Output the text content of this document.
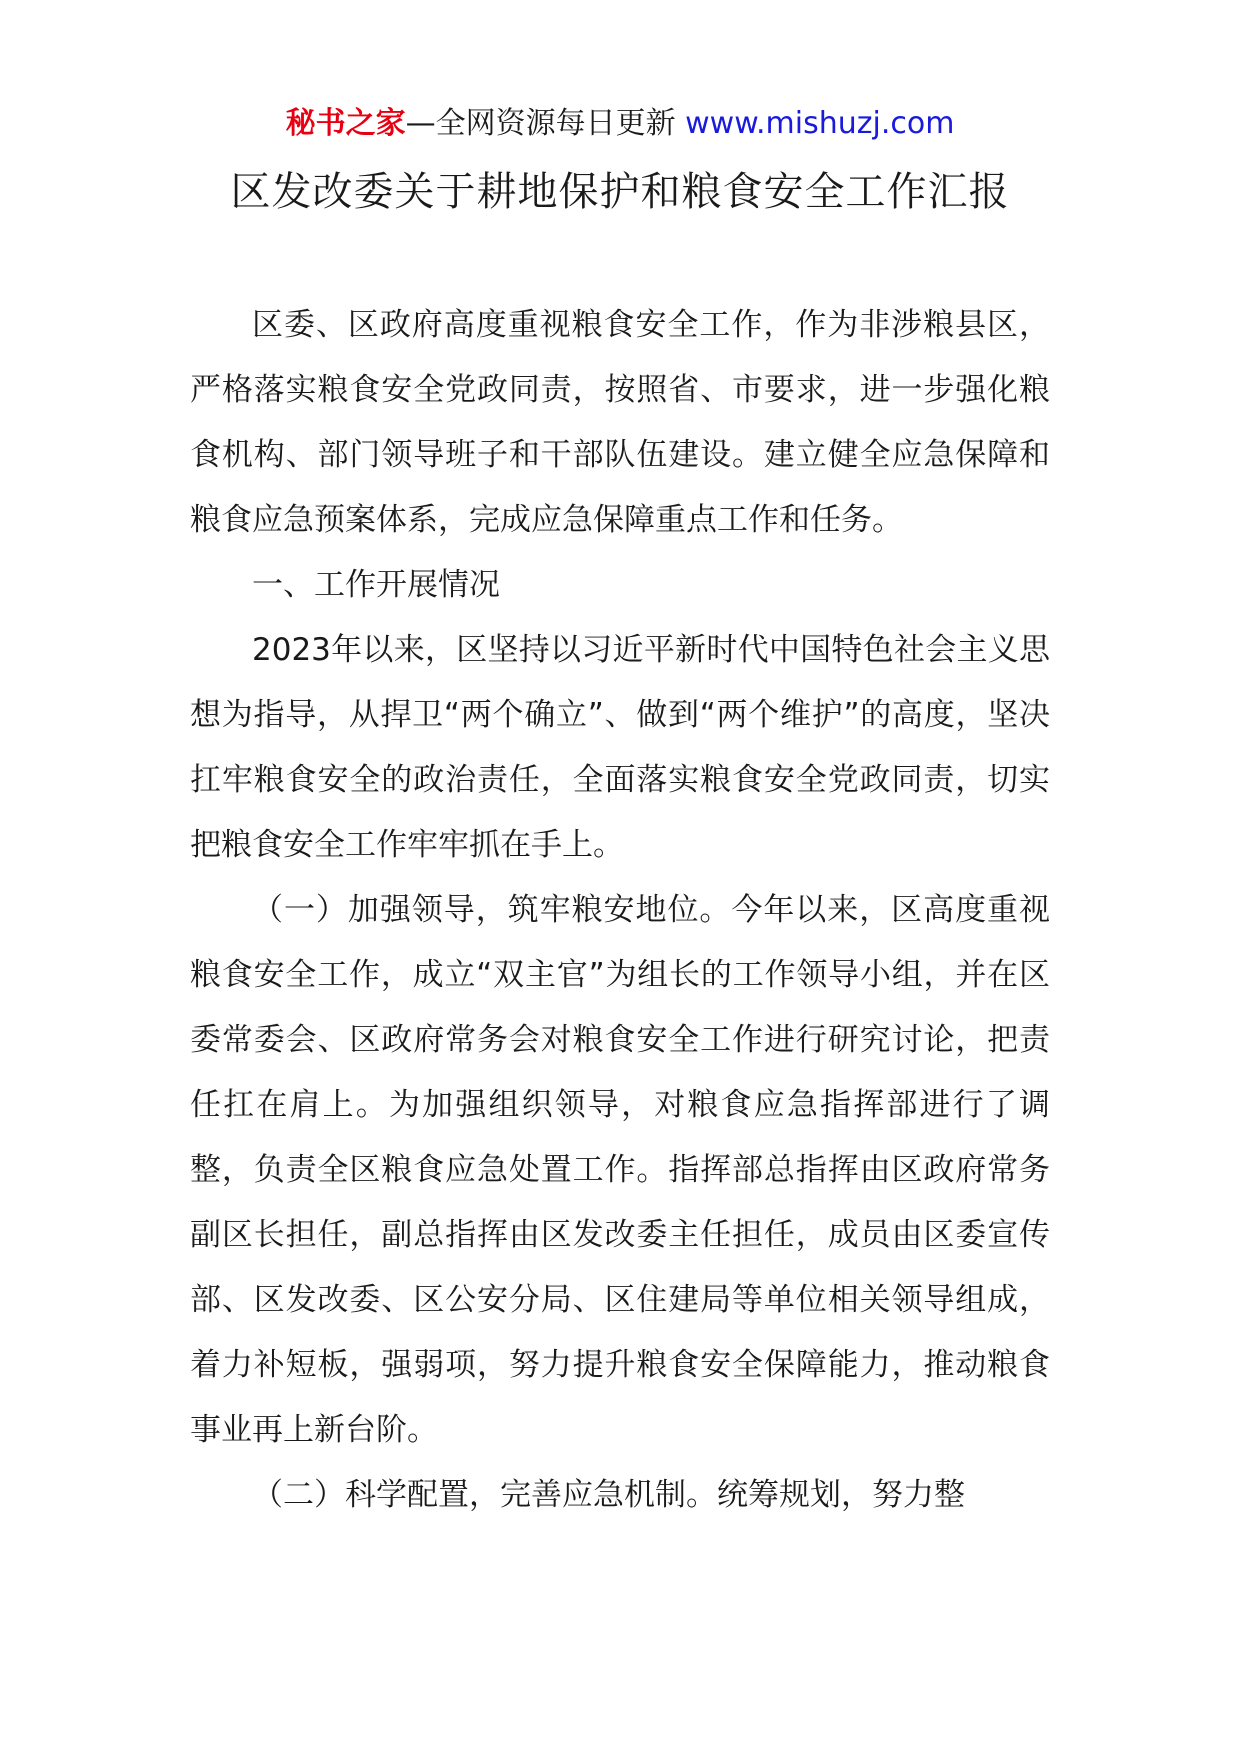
秘书之家—全网资源每日更新 www.mishuzj.com
区发改委关于耕地保护和粮食安全工作汇报

区委、区政府高度重视粮食安全工作，作为非涉粮县区，严格落实粮食安全党政同责，按照省、市要求，进一步强化粮食机构、部门领导班子和干部队伍建设。建立健全应急保障和粮食应急预案体系，完成应急保障重点工作和任务。

一、工作开展情况

2023年以来，区坚持以习近平新时代中国特色社会主义思想为指导，从捍卫“两个确立”、做到“两个维护”的高度，坚决扛牢粮食安全的政治责任，全面落实粮食安全党政同责，切实把粮食安全工作牢牢抓在手上。

（一）加强领导，筑牢粮安地位。今年以来，区高度重视粮食安全工作，成立“双主官”为组长的工作领导小组，并在区委常委会、区政府常务会对粮食安全工作进行研究讨论，把责任扛在肩上。为加强组织领导，对粮食应急指挥部进行了调整，负责全区粮食应急处置工作。指挥部总指挥由区政府常务副区长担任，副总指挥由区发改委主任担任，成员由区委宣传部、区发改委、区公安分局、区住建局等单位相关领导组成，着力补短板，强弱项，努力提升粮食安全保障能力，推动粮食事业再上新台阶。

（二）科学配置，完善应急机制。统筹规划，努力整
